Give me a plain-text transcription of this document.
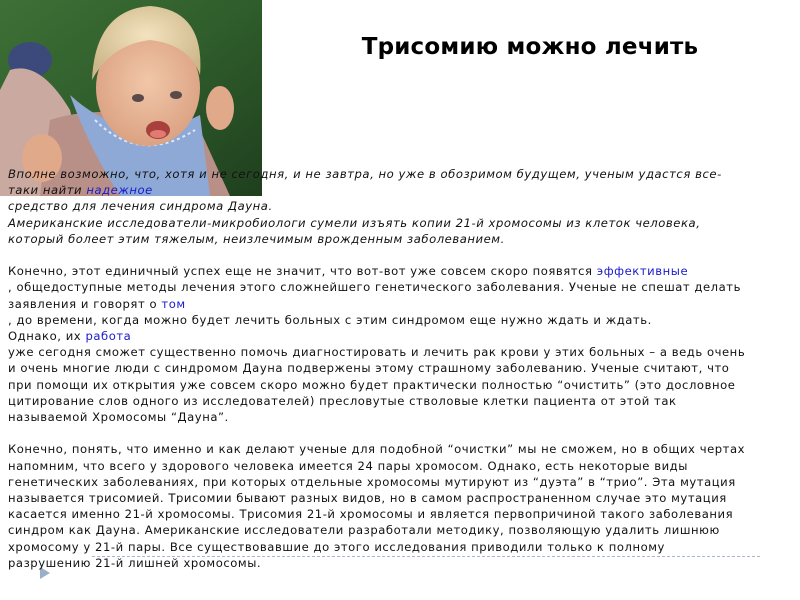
Трисомию можно лечить

Вполне возможно, что, хотя и не сегодня, и не завтра, но уже в обозримом будущем, ученым удастся все-

таки найти надежное

средство для лечения синдрома Дауна.

Американские исследователи-микробиологи сумели изъять копии 21-й хромосомы из клеток человека,

который болеет этим тяжелым, неизлечимым врожденным заболеванием.

Конечно, этот единичный успех еще не значит, что вот-вот уже совсем скоро появятся эффективные

, общедоступные методы лечения этого сложнейшего генетического заболевания. Ученые не спешат делать

заявления и говорят о том

, до времени, когда можно будет лечить больных с этим синдромом еще нужно ждать и ждать.

Однако, их работа

уже сегодня сможет существенно помочь диагностировать и лечить рак крови у этих больных – а ведь очень

и очень многие люди с синдромом Дауна подвержены этому страшному заболеванию. Ученые считают, что

при помощи их открытия уже совсем скоро можно будет практически полностью “очистить” (это дословное

цитирование слов одного из исследователей) пресловутые стволовые клетки пациента от этой так

называемой Хромосомы “Дауна”.

Конечно, понять, что именно и как делают ученые для подобной “очистки” мы не сможем, но в общих чертах

напомним, что всего у здорового человека имеется 24 пары хромосом. Однако, есть некоторые виды

генетических заболеваниях, при которых отдельные хромосомы мутируют из “дуэта” в “трио”. Эта мутация

называется трисомией. Трисомии бывают разных видов, но в самом распространенном случае это мутация

касается именно 21-й хромосомы. Трисомия 21-й хромосомы и является первопричиной такого заболевания

синдром как Дауна. Американские исследователи разработали методику, позволяющую удалить лишнюю

хромосому у 21-й пары. Все существовавшие до этого исследования приводили только к полному

разрушению 21-й лишней хромосомы.
